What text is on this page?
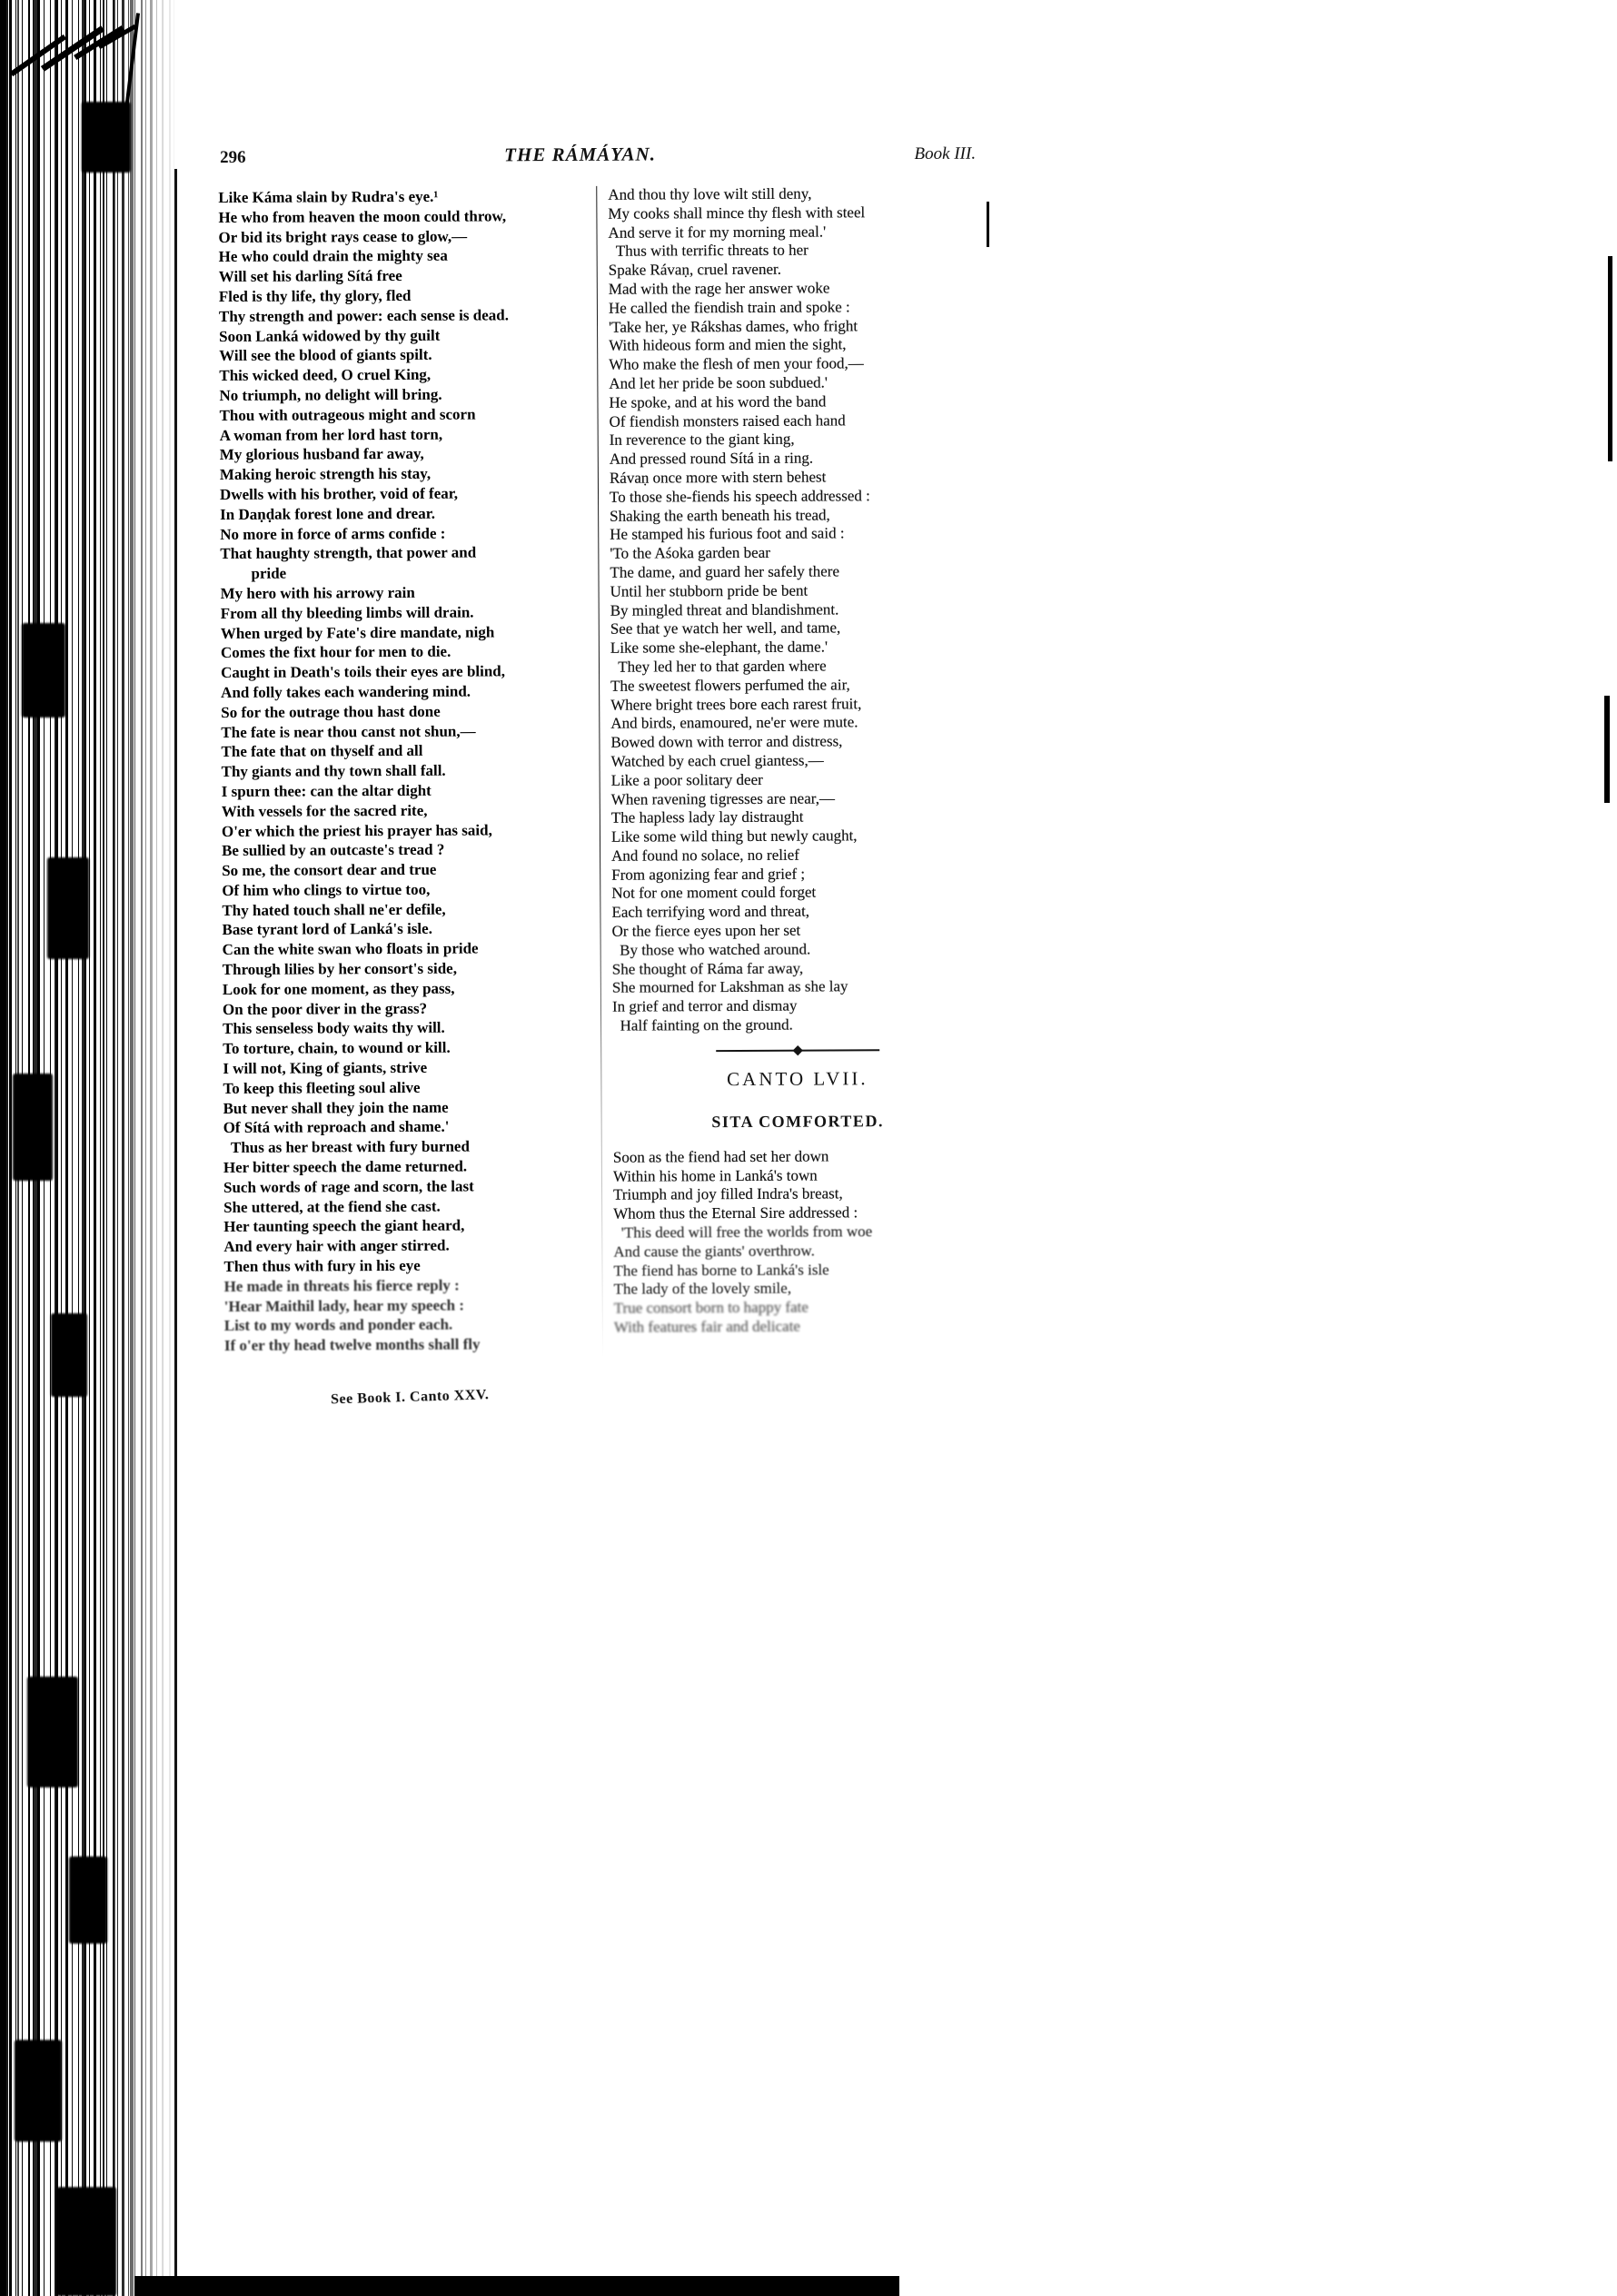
296	THE RÁMÁYAN.	Book III.
Like Káma slain by Rudra's eye.¹
He who from heaven the moon could throw,
Or bid its bright rays cease to glow,—
He who could drain the mighty sea
Will set his darling Sítá free
Fled is thy life, thy glory, fled
Thy strength and power: each sense is dead.
Soon Lanká widowed by thy guilt
Will see the blood of giants spilt.
This wicked deed, O cruel King,
No triumph, no delight will bring.
Thou with outrageous might and scorn
A woman from her lord hast torn,
My glorious husband far away,
Making heroic strength his stay,
Dwells with his brother, void of fear,
In Daṇḍak forest lone and drear.
No more in force of arms confide :
That haughty strength, that power and
pride
My hero with his arrowy rain
From all thy bleeding limbs will drain.
When urged by Fate's dire mandate, nigh
Comes the fixt hour for men to die.
Caught in Death's toils their eyes are blind,
And folly takes each wandering mind.
So for the outrage thou hast done
The fate is near thou canst not shun,—
The fate that on thyself and all
Thy giants and thy town shall fall.
I spurn thee: can the altar dight
With vessels for the sacred rite,
O'er which the priest his prayer has said,
Be sullied by an outcaste's tread ?
So me, the consort dear and true
Of him who clings to virtue too,
Thy hated touch shall ne'er defile,
Base tyrant lord of Lanká's isle.
Can the white swan who floats in pride
Through lilies by her consort's side,
Look for one moment, as they pass,
On the poor diver in the grass?
This senseless body waits thy will.
To torture, chain, to wound or kill.
I will not, King of giants, strive
To keep this fleeting soul alive
But never shall they join the name
Of Sítá with reproach and shame.'
Thus as her breast with fury burned
Her bitter speech the dame returned.
Such words of rage and scorn, the last
She uttered, at the fiend she cast.
Her taunting speech the giant heard,
And every hair with anger stirred.
Then thus with fury in his eye
He made in threats his fierce reply :
'Hear Maithil lady, hear my speech :
List to my words and ponder each.
If o'er thy head twelve months shall fly
See Book I. Canto XXV.
And thou thy love wilt still deny,
My cooks shall mince thy flesh with steel
And serve it for my morning meal.'
Thus with terrific threats to her
Spake Rávaṇ, cruel ravener.
Mad with the rage her answer woke
He called the fiendish train and spoke :
'Take her, ye Rákshas dames, who fright
With hideous form and mien the sight,
Who make the flesh of men your food,—
And let her pride be soon subdued.'
He spoke, and at his word the band
Of fiendish monsters raised each hand
In reverence to the giant king,
And pressed round Sítá in a ring.
Rávaṇ once more with stern behest
To those she-fiends his speech addressed :
Shaking the earth beneath his tread,
He stamped his furious foot and said :
'To the Aśoka garden bear
The dame, and guard her safely there
Until her stubborn pride be bent
By mingled threat and blandishment.
See that ye watch her well, and tame,
Like some she-elephant, the dame.'
They led her to that garden where
The sweetest flowers perfumed the air,
Where bright trees bore each rarest fruit,
And birds, enamoured, ne'er were mute.
Bowed down with terror and distress,
Watched by each cruel giantess,—
Like a poor solitary deer
When ravening tigresses are near,—
The hapless lady lay distraught
Like some wild thing but newly caught,
And found no solace, no relief
From agonizing fear and grief ;
Not for one moment could forget
Each terrifying word and threat,
Or the fierce eyes upon her set
By those who watched around.
She thought of Ráma far away,
She mourned for Lakshman as she lay
In grief and terror and dismay
Half fainting on the ground.
CANTO LVII.
SITA COMFORTED.
Soon as the fiend had set her down
Within his home in Lanká's town
Triumph and joy filled Indra's breast,
Whom thus the Eternal Sire addressed :
'This deed will free the worlds from woe
And cause the giants' overthrow.
The fiend has borne to Lanká's isle
The lady of the lovely smile,
True consort born to happy fate
With features fair and delicate
